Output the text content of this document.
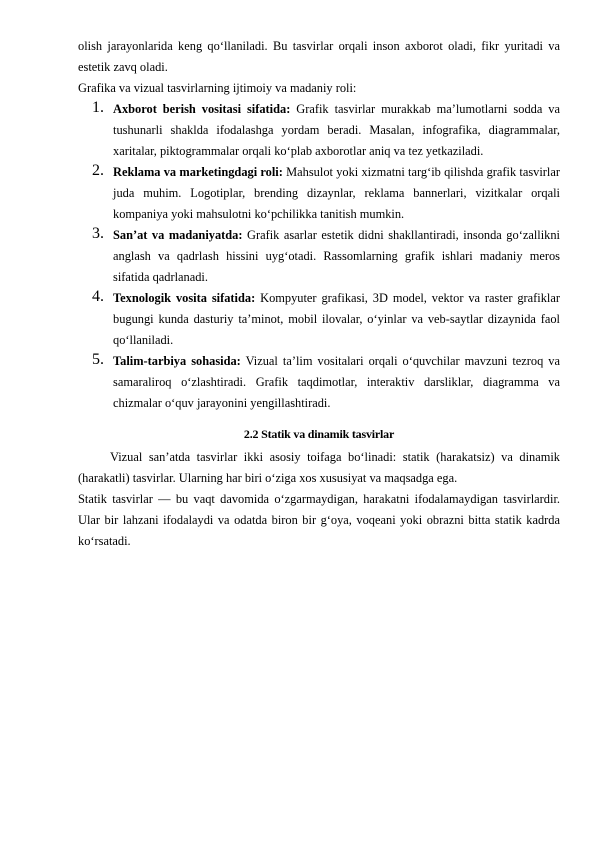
olish jarayonlarida keng qo‘llaniladi. Bu tasvirlar orqali inson axborot oladi, fikr yuritadi va estetik zavq oladi.

Grafika va vizual tasvirlarning ijtimoiy va madaniy roli:

1. Axborot berish vositasi sifatida: Grafik tasvirlar murakkab ma’lumotlarni sodda va tushunarli shaklda ifodalashga yordam beradi. Masalan, infografika, diagrammalar, xaritalar, piktogrammalar orqali ko‘plab axborotlar aniq va tez yetkaziladi.

2. Reklama va marketingdagi roli: Mahsulot yoki xizmatni targ‘ib qilishda grafik tasvirlar juda muhim. Logotiplar, brending dizaynlar, reklama bannerlari, vizitkalar orqali kompaniya yoki mahsulotni ko‘pchilikka tanitish mumkin.

3. San’at va madaniyatda: Grafik asarlar estetik didni shakllantiradi, insonda go‘zallikni anglash va qadrlash hissini uyg‘otadi. Rassomlarning grafik ishlari madaniy meros sifatida qadrlanadi.

4. Texnologik vosita sifatida: Kompyuter grafikasi, 3D model, vektor va raster grafiklar bugungi kunda dasturiy ta’minot, mobil ilovalar, o‘yinlar va veb-saytlar dizaynida faol qo‘llaniladi.

5. Talim-tarbiya sohasida: Vizual ta’lim vositalari orqali o‘quvchilar mavzuni tezroq va samaraliroq o‘zlashtiradi. Grafik taqdimotlar, interaktiv darsliklar, diagramma va chizmalar o‘quv jarayonini yengillashtiradi.

2.2 Statik va dinamik tasvirlar

Vizual san’atda tasvirlar ikki asosiy toifaga bo‘linadi: statik (harakatsiz) va dinamik (harakatli) tasvirlar. Ularning har biri o‘ziga xos xususiyat va maqsadga ega.

Statik tasvirlar — bu vaqt davomida o‘zgarmaydigan, harakatni ifodalamaydigan tasvirlardir. Ular bir lahzani ifodalaydi va odatda biron bir g‘oya, voqeani yoki obrazni bitta statik kadrda ko‘rsatadi.
